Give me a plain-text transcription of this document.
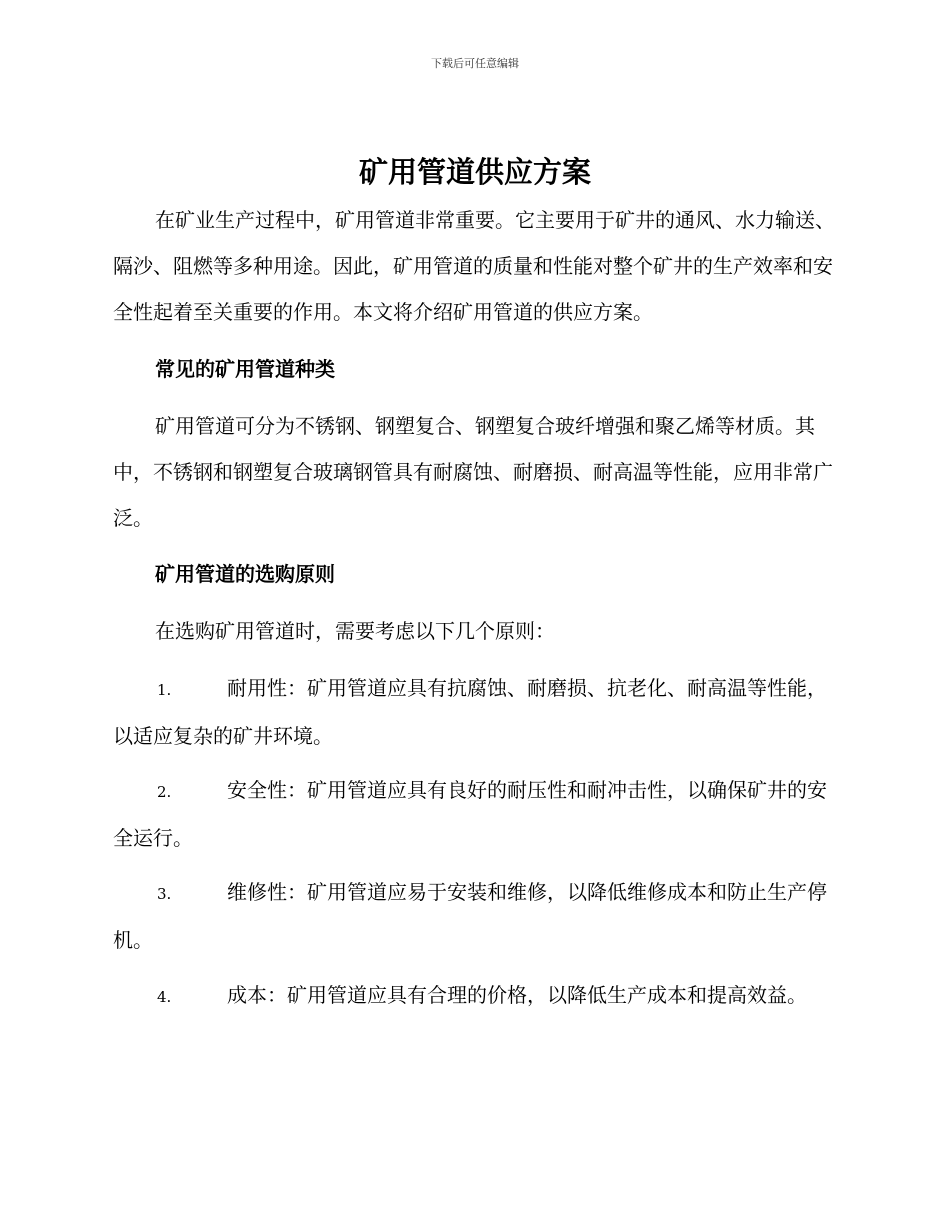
下载后可任意编辑
矿用管道供应方案

在矿业生产过程中，矿用管道非常重要。它主要用于矿井的通风、水力输送、隔沙、阻燃等多种用途。因此，矿用管道的质量和性能对整个矿井的生产效率和安全性起着至关重要的作用。本文将介绍矿用管道的供应方案。

常见的矿用管道种类

矿用管道可分为不锈钢、钢塑复合、钢塑复合玻纤增强和聚乙烯等材质。其中，不锈钢和钢塑复合玻璃钢管具有耐腐蚀、耐磨损、耐高温等性能，应用非常广泛。

矿用管道的选购原则

在选购矿用管道时，需要考虑以下几个原则：

1.	耐用性：矿用管道应具有抗腐蚀、耐磨损、抗老化、耐高温等性能，以适应复杂的矿井环境。

2.	安全性：矿用管道应具有良好的耐压性和耐冲击性，以确保矿井的安全运行。

3.	维修性：矿用管道应易于安装和维修，以降低维修成本和防止生产停机。

4.	成本：矿用管道应具有合理的价格，以降低生产成本和提高效益。
